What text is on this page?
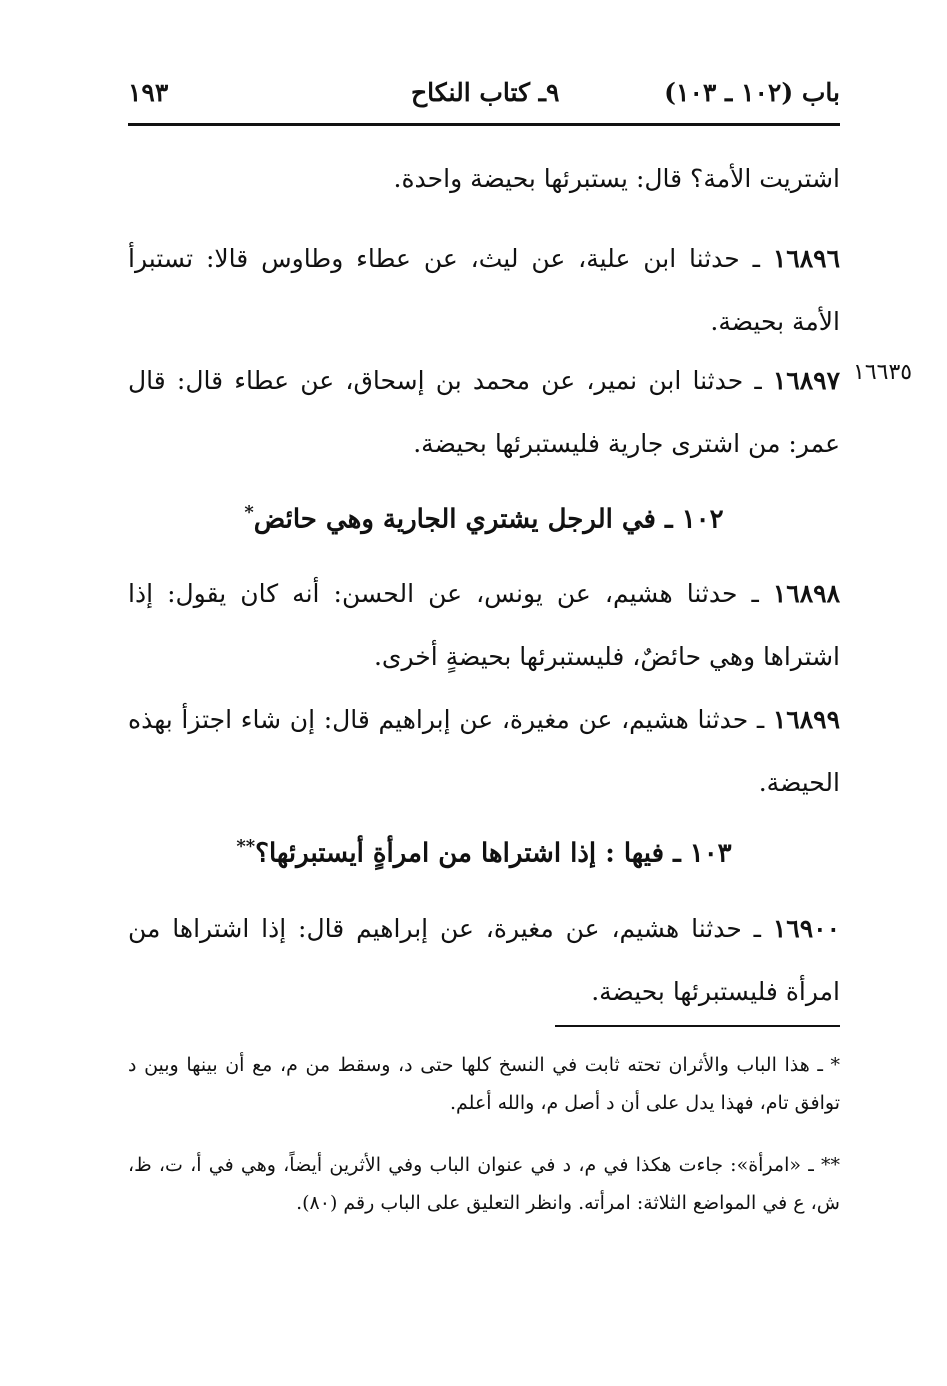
باب (١٠٢ ـ ١٠٣)
٩ـ كتاب النكاح
١٩٣

اشتريت الأمة؟ قال: يستبرئها بحيضة واحدة.

١٦٨٩٦ ـ حدثنا ابن علية، عن ليث، عن عطاء وطاوس قالا: تستبرأ الأمة بحيضة.

١٦٦٣٥

١٦٨٩٧ ـ حدثنا ابن نمير، عن محمد بن إسحاق، عن عطاء قال: قال عمر: من اشترى جارية فليستبرئها بحيضة.

١٠٢ ـ في الرجل يشتري الجارية وهي حائض*

١٦٨٩٨ ـ حدثنا هشيم، عن يونس، عن الحسن: أنه كان يقول: إذا اشتراها وهي حائضٌ، فليستبرئها بحيضةٍ أخرى.

١٦٨٩٩ ـ حدثنا هشيم، عن مغيرة، عن إبراهيم قال: إن شاء اجتزأ بهذه الحيضة.

١٠٣ ـ فيها : إذا اشتراها من امرأةٍ أيستبرئها؟**

١٦٩٠٠ ـ حدثنا هشيم، عن مغيرة، عن إبراهيم قال: إذا اشتراها من امرأة فليستبرئها بحيضة.

* ـ هذا الباب والأثران تحته ثابت في النسخ كلها حتى د، وسقط من م، مع أن بينها وبين د توافق تام، فهذا يدل على أن د أصل م، والله أعلم.

** ـ «امرأة»: جاءت هكذا في م، د في عنوان الباب وفي الأثرين أيضاً، وهي في أ، ت، ظ، ش، ع في المواضع الثلاثة: امرأته. وانظر التعليق على الباب رقم (٨٠).
